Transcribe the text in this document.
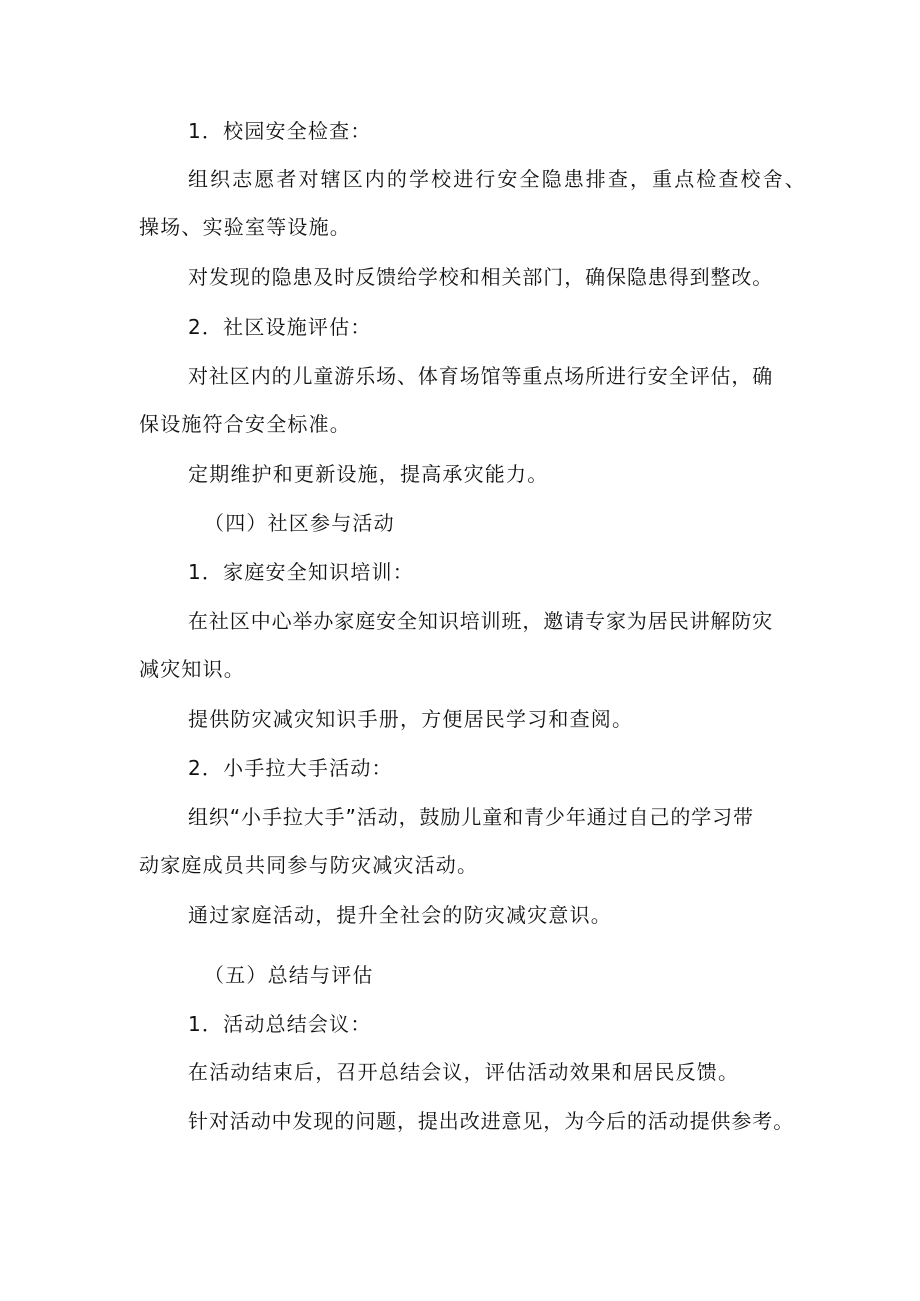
1．校园安全检查：
组织志愿者对辖区内的学校进行安全隐患排查，重点检查校舍、
操场、实验室等设施。
对发现的隐患及时反馈给学校和相关部门，确保隐患得到整改。
2．社区设施评估：
对社区内的儿童游乐场、体育场馆等重点场所进行安全评估，确
保设施符合安全标准。
定期维护和更新设施，提高承灾能力。
（四）社区参与活动
1．家庭安全知识培训：
在社区中心举办家庭安全知识培训班，邀请专家为居民讲解防灾
减灾知识。
提供防灾减灾知识手册，方便居民学习和查阅。
2．小手拉大手活动：
组织“小手拉大手”活动，鼓励儿童和青少年通过自己的学习带
动家庭成员共同参与防灾减灾活动。
通过家庭活动，提升全社会的防灾减灾意识。
（五）总结与评估
1．活动总结会议：
在活动结束后，召开总结会议，评估活动效果和居民反馈。
针对活动中发现的问题，提出改进意见，为今后的活动提供参考。
